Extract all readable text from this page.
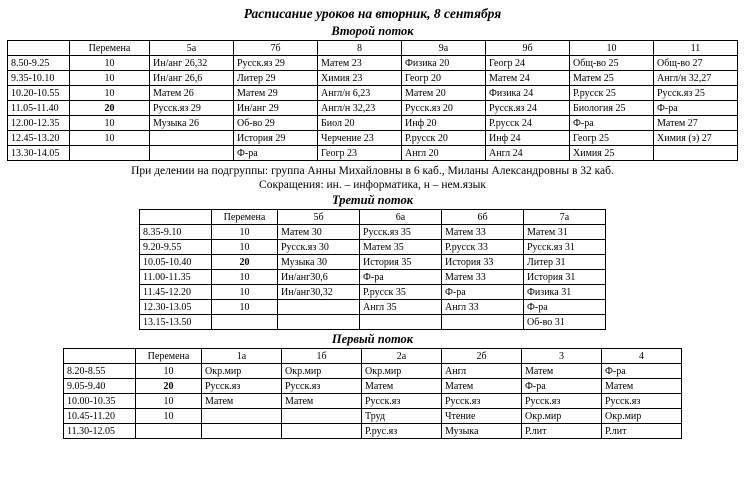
Расписание уроков на вторник, 8 сентября
Второй поток
	Перемена	5а	7б	8	9а	9б	10	11
8.50-9.25	10	Ин/анг 26,32	Русск.яз 29	Матем 23	Физика 20	Геогр 24	Общ-во 25	Общ-во 27
9.35-10.10	10	Ин/анг 26,6	Литер 29	Химия 23	Геогр 20	Матем 24	Матем 25	Англ/н 32,27
10.20-10.55	10	Матем 26	Матем 29	Англ/н 6,23	Матем 20	Физика 24	Р.русск 25	Русск.яз 25
11.05-11.40	20	Русск.яз 29	Ин/анг 29	Англ/н 32,23	Русск.яз 20	Русск.яз 24	Биология 25	Ф-ра
12.00-12.35	10	Музыка 26	Об-во 29	Биол 20	Инф 20	Р.русск 24	Ф-ра	Матем 27
12.45-13.20	10		История 29	Черчение 23	Р.русск 20	Инф 24	Геогр 25	Химия (э) 27
13.30-14.05			Ф-ра	Геогр 23	Англ 20	Англ 24	Химия 25	
При делении на подгруппы: группа Анны Михайловны в 6 каб., Миланы Александровны в 32 каб.
Сокращения: ин. – информатика, н – нем.язык
Третий поток
	Перемена	5б	6а	6б	7а
8.35-9.10	10	Матем 30	Русск.яз 35	Матем 33	Матем 31
9.20-9.55	10	Русск.яз 30	Матем 35	Р.русск 33	Русск.яз 31
10.05-10.40	20	Музыка 30	История 35	История 33	Литер 31
11.00-11.35	10	Ин/анг30,6	Ф-ра	Матем 33	История 31
11.45-12.20	10	Ин/анг30,32	Р.русск 35	Ф-ра	Физика 31
12.30-13.05	10		Англ 35	Англ 33	Ф-ра
13.15-13.50					Об-во 31
Первый поток
	Перемена	1а	1б	2а	2б	3	4
8.20-8.55	10	Окр.мир	Окр.мир	Окр.мир	Англ	Матем	Ф-ра
9.05-9.40	20	Русск.яз	Русск.яз	Матем	Матем	Ф-ра	Матем
10.00-10.35	10	Матем	Матем	Русск.яз	Русск.яз	Русск.яз	Русск.яз
10.45-11.20	10			Труд	Чтение	Окр.мир	Окр.мир
11.30-12.05				Р.рус.яз	Музыка	Р.лит	Р.лит
